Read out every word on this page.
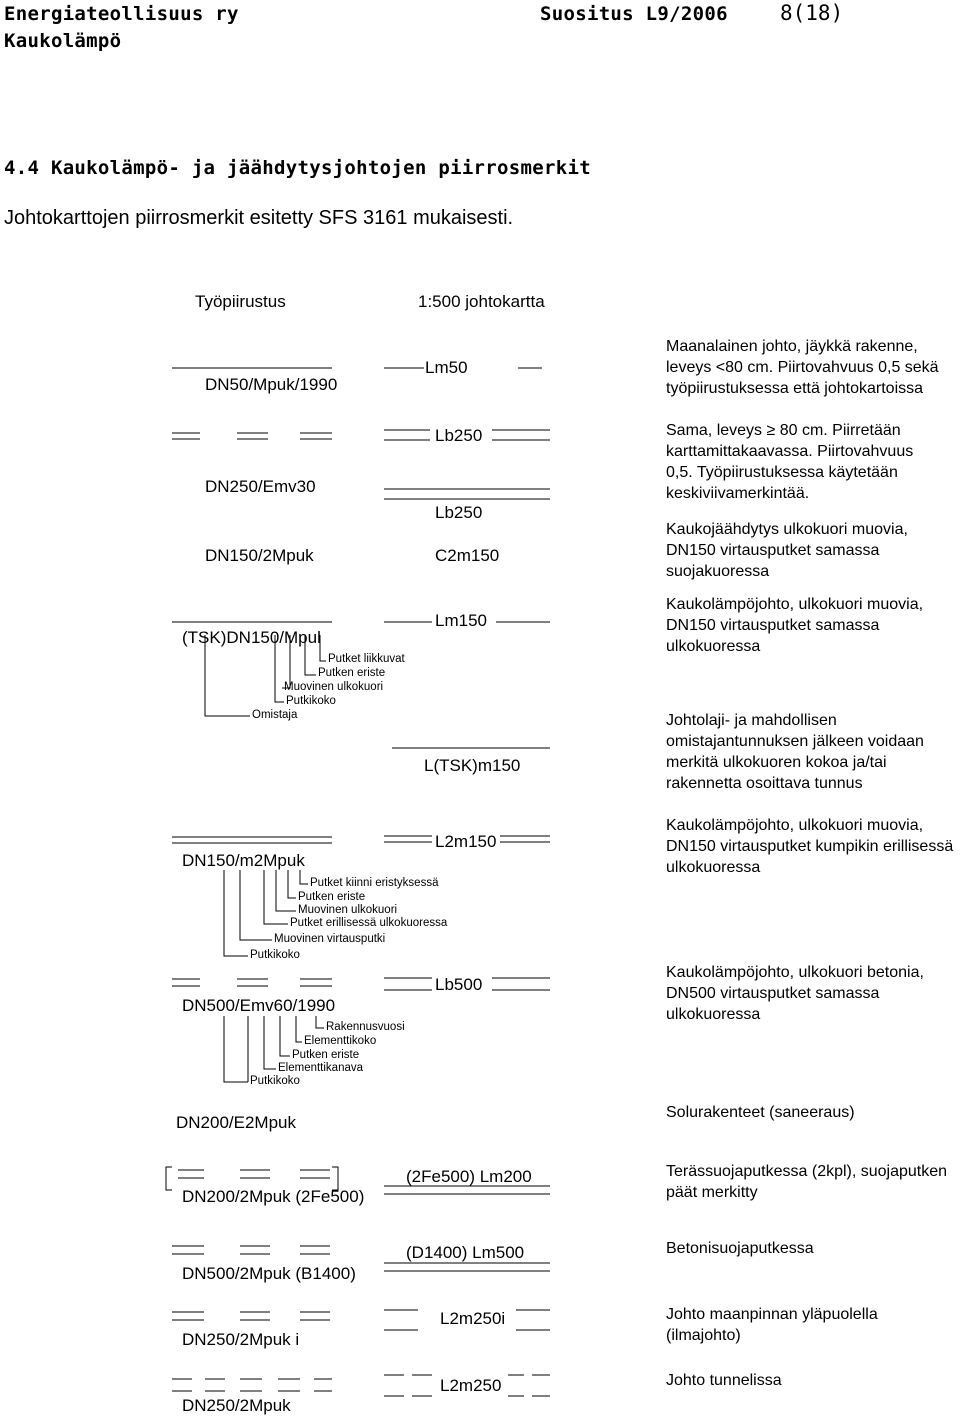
Energiateollisuus ry	Suositus L9/2006 8(18)
Kaukolämpö
4.4 Kaukolämpö- ja jäähdytysjohtojen piirrosmerkit
Johtokarttojen piirrosmerkit esitetty SFS 3161 mukaisesti.
Työpiirustus	1:500 johtokartta
DN50/Mpuk/1990
DN250/Emv30
DN150/2Mpuk
(TSK)DN150/Mpul
DN150/m2Mpuk
DN500/Emv60/1990
DN200/E2Mpuk
DN200/2Mpuk (2Fe500)
DN500/2Mpuk (B1400)
DN250/2Mpuk i
DN250/2Mpuk
Putket liikkuvat
Putken eriste
Muovinen ulkokuori
Putkikoko
Omistaja
Putket kiinni eristyksessä
Putken eriste
Muovinen ulkokuori
Putket erillisessä ulkokuoressa
Muovinen virtausputki
Putkikoko
Rakennusvuosi
Elementtikoko
Putken eriste
Elementtikanava
Putkikoko
Lm50
Lb250
Lb250
C2m150
Lm150
L(TSK)m150
L2m150
Lb500
(2Fe500) Lm200
(D1400) Lm500
L2m250i
L2m250
Maanalainen johto, jäykkä rakenne, leveys <80 cm. Piirtovahvuus 0,5 sekä työpiirustuksessa että johtokartoissa
Sama, leveys ≥ 80 cm. Piirretään karttamittakaavassa. Piirtovahvuus 0,5. Työpiirustuksessa käytetään keskiviivamerkintää.
Kaukojäähdytys ulkokuori muovia, DN150 virtausputket samassa suojakuoressa
Kaukolämpöjohto, ulkokuori muovia, DN150 virtausputket samassa ulkokuoressa
Johtolaji- ja mahdollisen omistajantunnuksen jälkeen voidaan merkitä ulkokuoren kokoa ja/tai rakennetta osoittava tunnus
Kaukolämpöjohto, ulkokuori muovia, DN150 virtausputket kumpikin erillisessä ulkokuoressa
Kaukolämpöjohto, ulkokuori betonia, DN500 virtausputket samassa ulkokuoressa
Solurakenteet (saneeraus)
Terässuojaputkessa (2kpl), suojaputken päät merkitty
Betonisuojaputkessa
Johto maanpinnan yläpuolella (ilmajohto)
Johto tunnelissa
